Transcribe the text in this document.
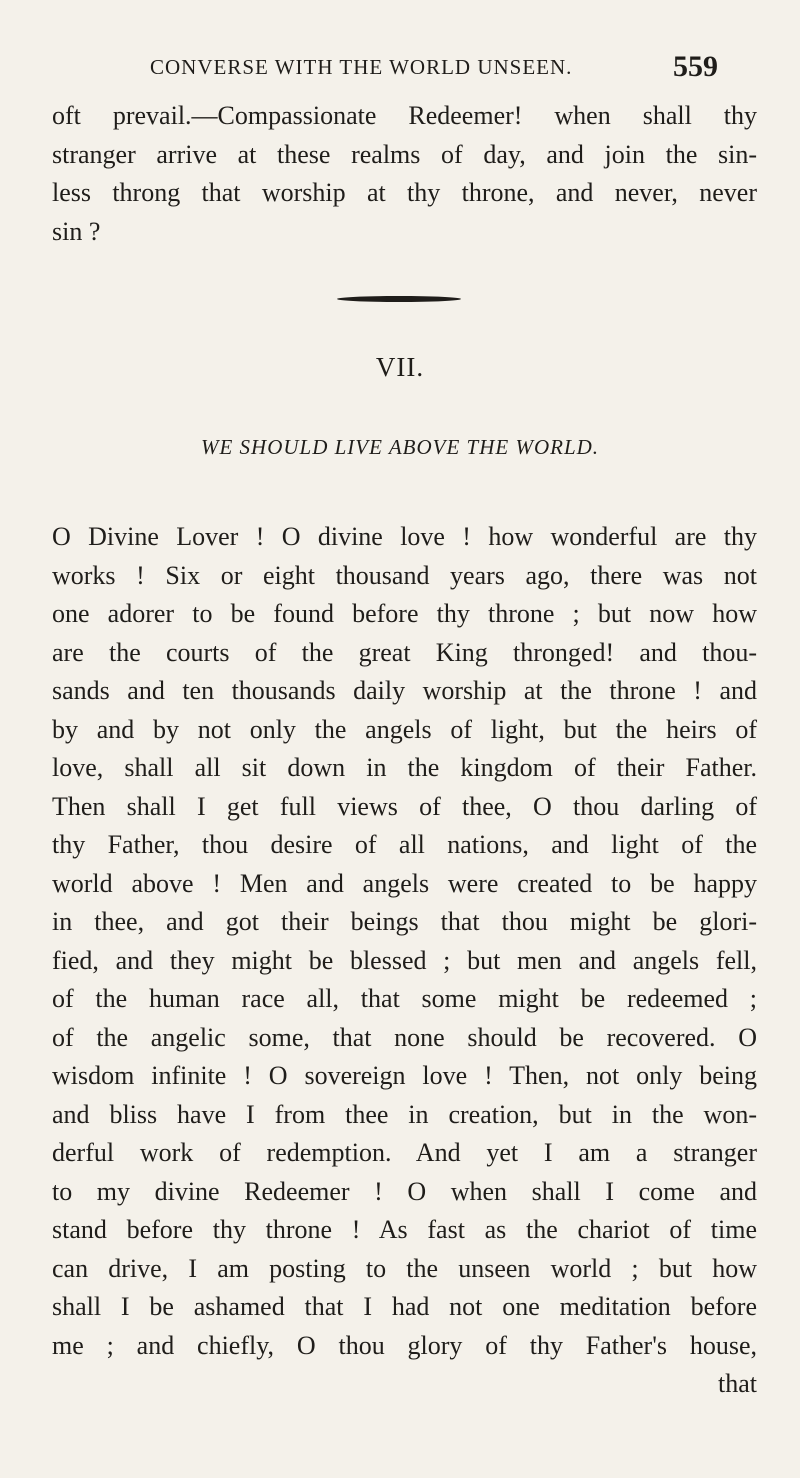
CONVERSE WITH THE WORLD UNSEEN.	559
oft prevail.—Compassionate Redeemer! when shall thy
stranger arrive at these realms of day, and join the sin-
less throng that worship at thy throne, and never, never
sin ?
VII.
WE SHOULD LIVE ABOVE THE WORLD.
O Divine Lover ! O divine love ! how wonderful are thy
works ! Six or eight thousand years ago, there was not
one adorer to be found before thy throne ; but now how
are the courts of the great King thronged! and thou-
sands and ten thousands daily worship at the throne ! and
by and by not only the angels of light, but the heirs of
love, shall all sit down in the kingdom of their Father.
Then shall I get full views of thee, O thou darling of
thy Father, thou desire of all nations, and light of the
world above ! Men and angels were created to be happy
in thee, and got their beings that thou might be glori-
fied, and they might be blessed ; but men and angels fell,
of the human race all, that some might be redeemed ;
of the angelic some, that none should be recovered. O
wisdom infinite ! O sovereign love ! Then, not only being
and bliss have I from thee in creation, but in the won-
derful work of redemption. And yet I am a stranger
to my divine Redeemer ! O when shall I come and
stand before thy throne ! As fast as the chariot of time
can drive, I am posting to the unseen world ; but how
shall I be ashamed that I had not one meditation before
me ; and chiefly, O thou glory of thy Father's house,
that
